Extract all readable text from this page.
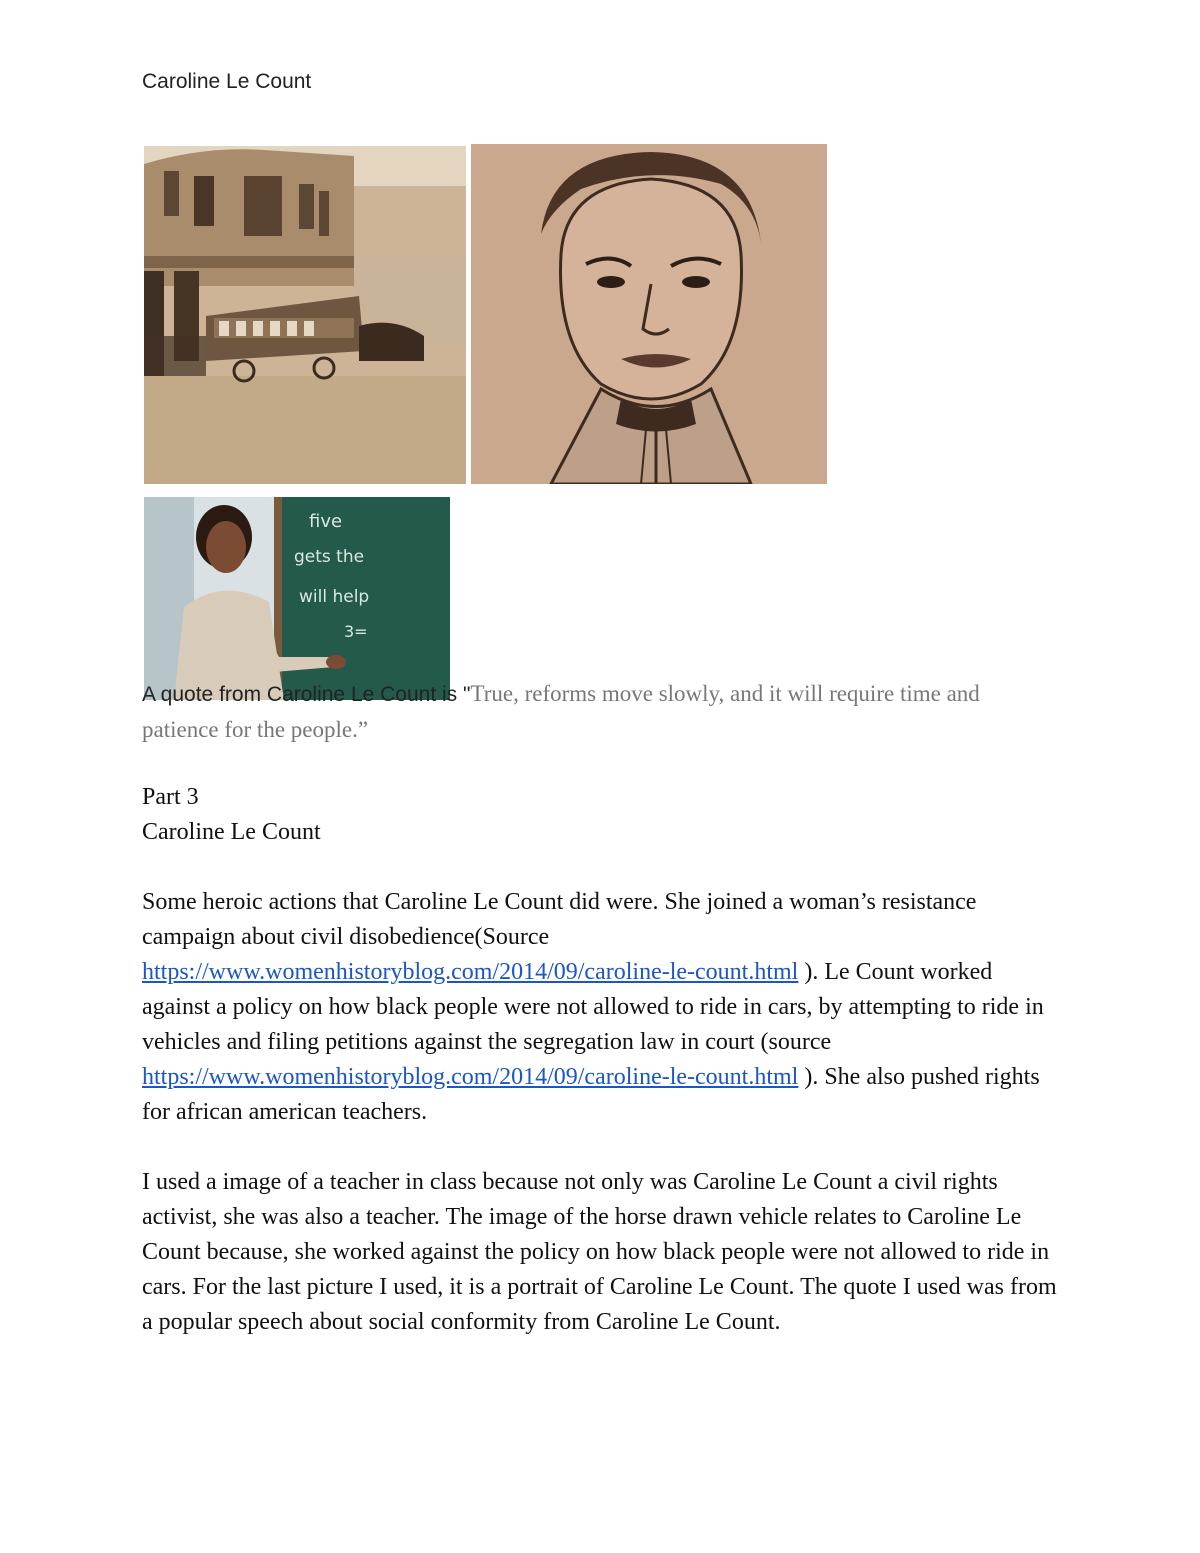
Caroline Le Count
five
gets the
will help
3=
A quote from Caroline Le Count is "True, reforms move slowly, and it will require time and patience for the people.”

Part 3

Caroline Le Count

Some heroic actions that Caroline Le Count did were. She joined a woman’s resistance campaign about civil disobedience(Source https://www.womenhistoryblog.com/2014/09/caroline-le-count.html ). Le Count worked against a policy on how black people were not allowed to ride in cars, by attempting to ride in vehicles and filing petitions against the segregation law in court (source https://www.womenhistoryblog.com/2014/09/caroline-le-count.html ). She also pushed rights for african american teachers.

I used a image of a teacher in class because not only was Caroline Le Count a civil rights activist, she was also a teacher. The image of the horse drawn vehicle relates to Caroline Le Count because, she worked against the policy on how black people were not allowed to ride in cars. For the last picture I used, it is a portrait of Caroline Le Count. The quote I used was from a popular speech about social conformity from Caroline Le Count.
